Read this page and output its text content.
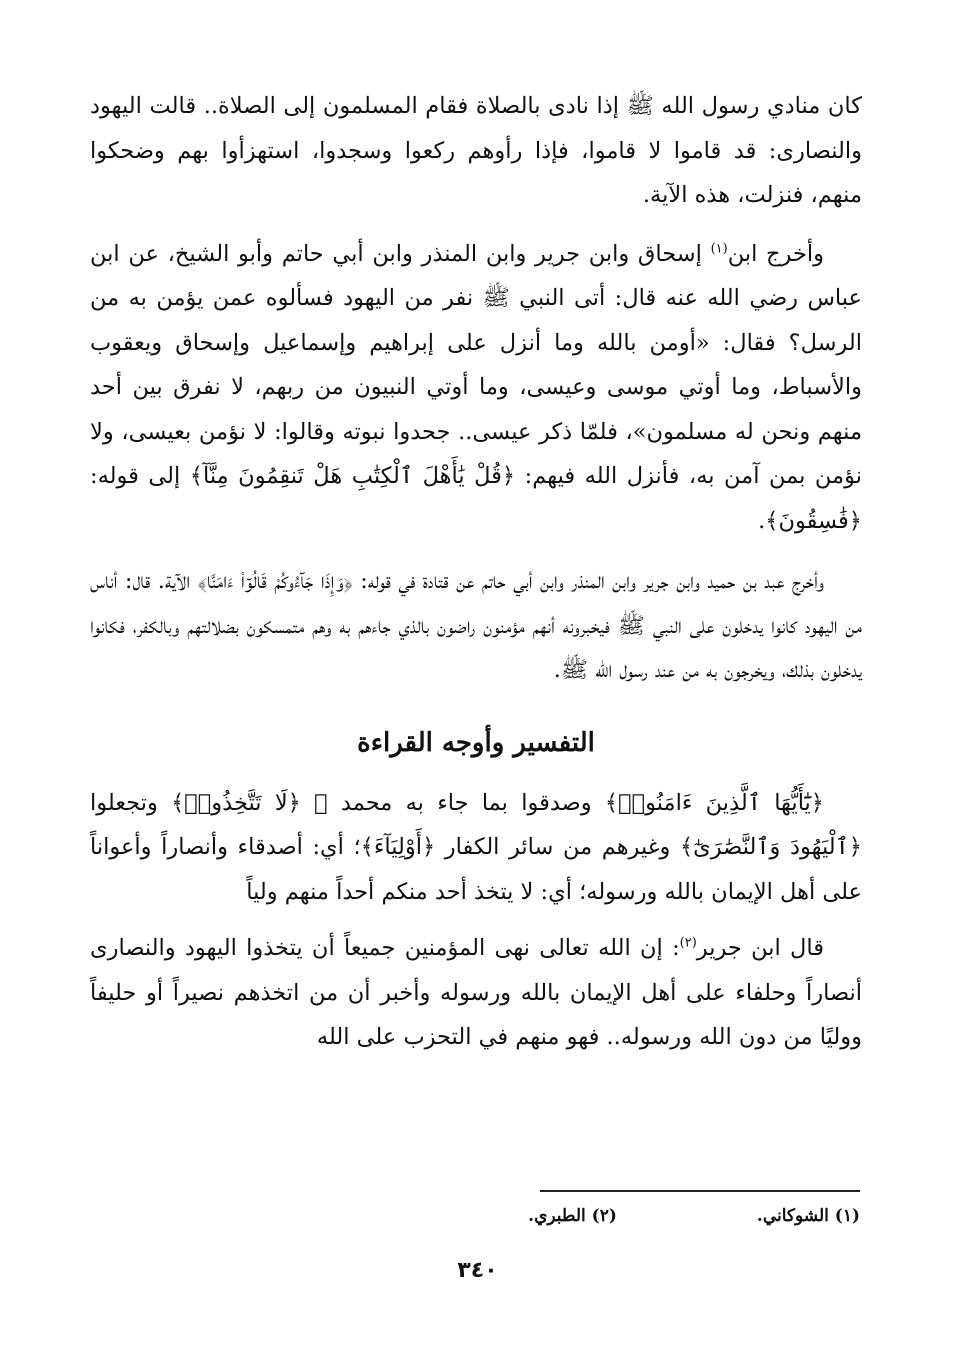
كان منادي رسول الله ﷺ إذا نادى بالصلاة فقام المسلمون إلى الصلاة.. قالت اليهود والنصارى: قد قاموا لا قاموا، فإذا رأوهم ركعوا وسجدوا، استهزأوا بهم وضحكوا منهم، فنزلت، هذه الآية.

وأخرج ابن$^{(١)}$ إسحاق وابن جرير وابن المنذر وابن أبي حاتم وأبو الشيخ، عن ابن عباس رضي الله عنه قال: أتى النبي ﷺ نفر من اليهود فسألوه عمن يؤمن به من الرسل؟ فقال: «أومن بالله وما أنزل على إبراهيم وإسماعيل وإسحاق ويعقوب والأسباط، وما أوتي موسى وعيسى، وما أوتي النبيون من ربهم، لا نفرق بين أحد منهم ونحن له مسلمون»، فلمّا ذكر عيسى.. جحدوا نبوته وقالوا: لا نؤمن بعيسى، ولا نؤمن بمن آمن به، فأنزل الله فيهم: ﴿قُلْ يَٰأَهْلَ ٱلْكِتَٰبِ هَلْ تَنقِمُونَ مِنَّآ﴾ إلى قوله: ﴿فَٰسِقُونَ﴾.

وأخرج عبد بن حميد وابن جرير وابن المنذر وابن أبي حاتم عن قتادة في قوله: ﴿وَإِذَا جَآءُوكُمْ قَالُوٓا۟ ءَامَنَّا﴾ الآية. قال: أناس من اليهود كانوا يدخلون على النبي ﷺ فيخبرونه أنهم مؤمنون راضون بالذي جاءهم به وهم متمسكون بضلالتهم وبالكفر، فكانوا يدخلون بذلك، ويخرجون به من عند رسول الله ﷺ.

التفسير وأوجه القراءة

﴿يَٰٓأَيُّهَا ٱلَّذِينَ ءَامَنُوا۟﴾ وصدقوا بما جاء به محمد ﷺ ﴿لَا تَتَّخِذُوا۟﴾ وتجعلوا ﴿ٱلْيَهُودَ وَٱلنَّصَٰرَىٰٓ﴾ وغيرهم من سائر الكفار ﴿أَوْلِيَآءَ﴾؛ أي: أصدقاء وأنصاراً وأعواناً على أهل الإيمان بالله ورسوله؛ أي: لا يتخذ أحد منكم أحداً منهم ولياً

قال ابن جرير$^{(٢)}$: إن الله تعالى نهى المؤمنين جميعاً أن يتخذوا اليهود والنصارى أنصاراً وحلفاء على أهل الإيمان بالله ورسوله وأخبر أن من اتخذهم نصيراً أو حليفاً ووليًا من دون الله ورسوله.. فهو منهم في التحزب على الله

(١) الشوكاني.
(٢) الطبري.
٣٤٠
